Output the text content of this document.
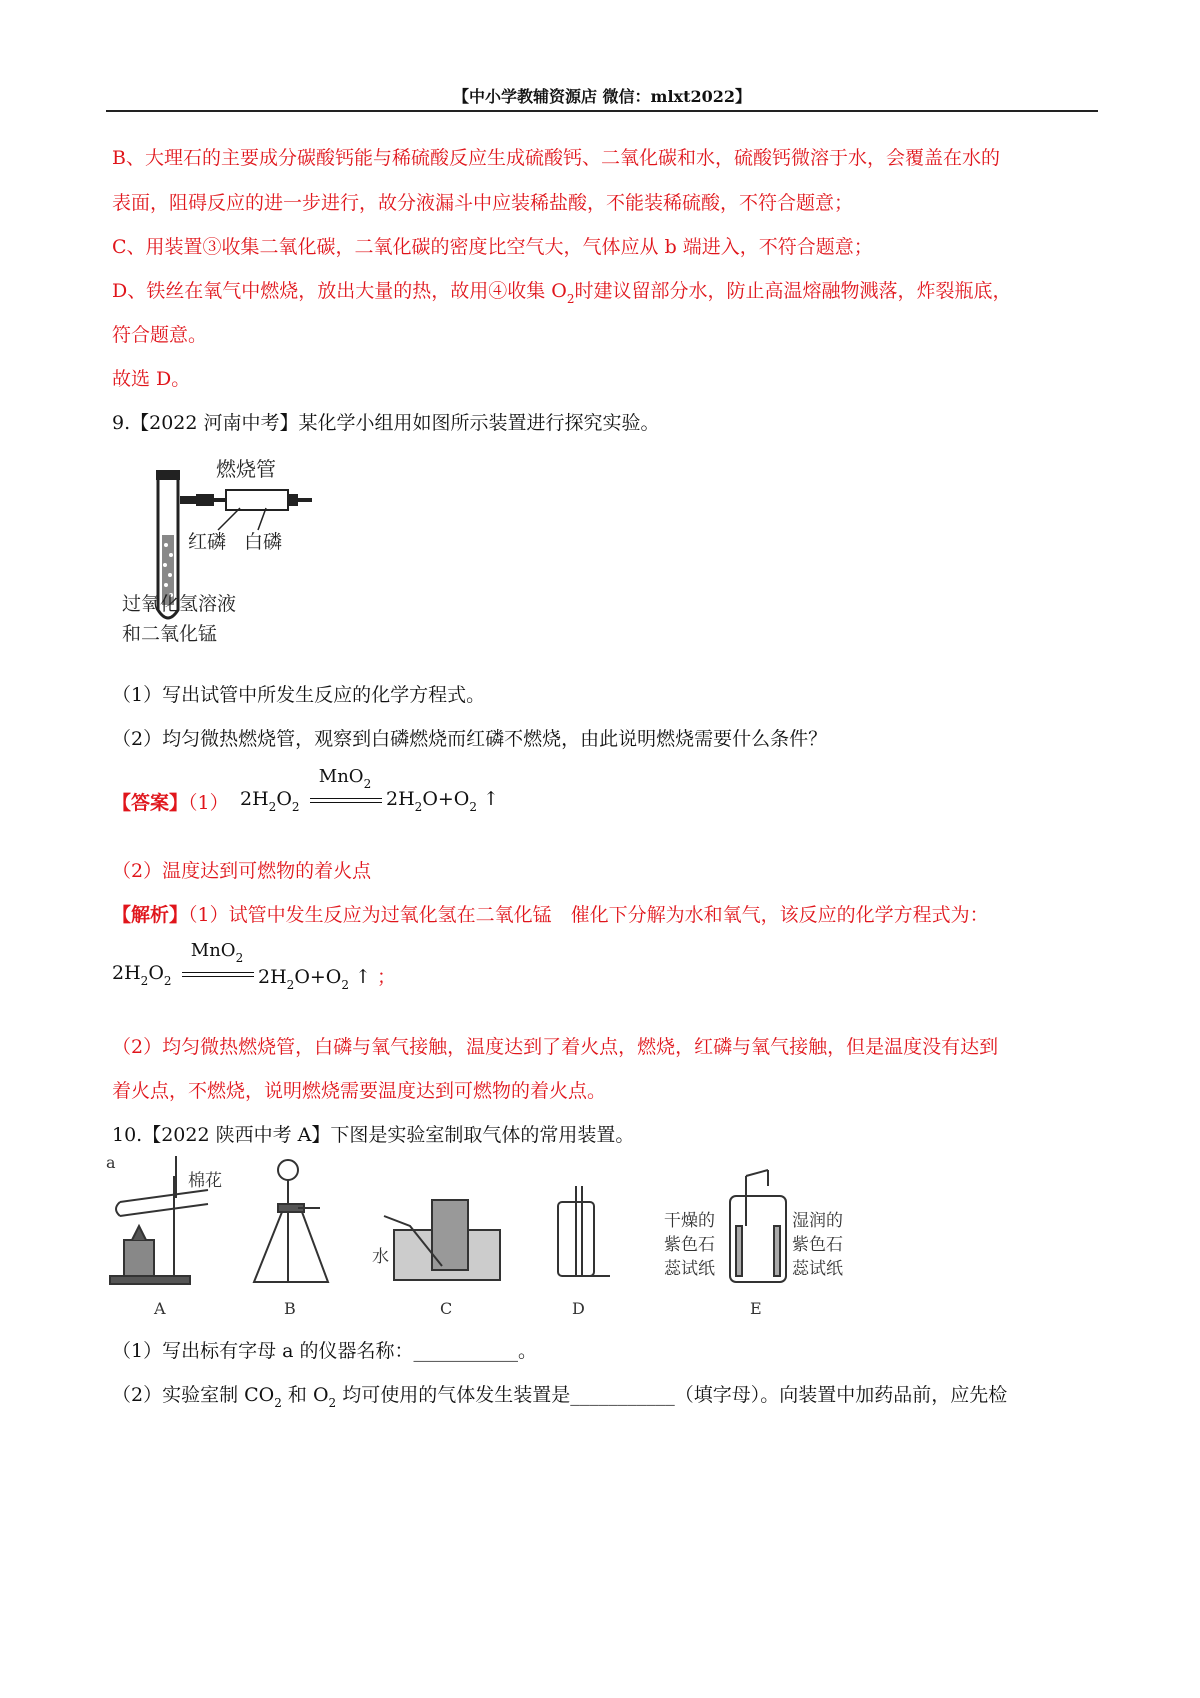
【中小学教辅资源店 微信：mlxt2022】
B、大理石的主要成分碳酸钙能与稀硫酸反应生成硫酸钙、二氧化碳和水，硫酸钙微溶于水，会覆盖在水的
表面，阻碍反应的进一步进行，故分液漏斗中应装稀盐酸，不能装稀硫酸，不符合题意；
C、用装置③收集二氧化碳，二氧化碳的密度比空气大，气体应从 b 端进入，不符合题意；
D、铁丝在氧气中燃烧，放出大量的热，故用④收集 $O_2$时建议留部分水，防止高温熔融物溅落，炸裂瓶底，
符合题意。
故选 D。
9.【2022 河南中考】某化学小组用如图所示装置进行探究实验。
燃烧管
红磷 白磷
过氧化氢溶液
和二氧化锰
（1）写出试管中所发生反应的化学方程式。
（2）均匀微热燃烧管，观察到白磷燃烧而红磷不燃烧，由此说明燃烧需要什么条件？
【答案】（1） $2H_2O_2$
MnO$_2$
$2H_2O+O_2$ ↑
（2）温度达到可燃物的着火点
【解析】（1）试管中发生反应为过氧化氢在二氧化锰　催化下分解为水和氧气，该反应的化学方程式为：
$2H_2O_2$
MnO$_2$
$2H_2O+O_2$ ↑ ；
（2）均匀微热燃烧管，白磷与氧气接触，温度达到了着火点，燃烧，红磷与氧气接触，但是温度没有达到
着火点，不燃烧，说明燃烧需要温度达到可燃物的着火点。
10.【2022 陕西中考 A】下图是实验室制取气体的常用装置。
A
a
棉花
B
水
C	D	E
干燥的
紫色石
蕊试纸
湿润的
紫色石
蕊试纸
（1）写出标有字母 a 的仪器名称：___________。
（2）实验室制 $CO_2$ 和 $O_2$ 均可使用的气体发生装置是___________（填字母）。向装置中加药品前，应先检
